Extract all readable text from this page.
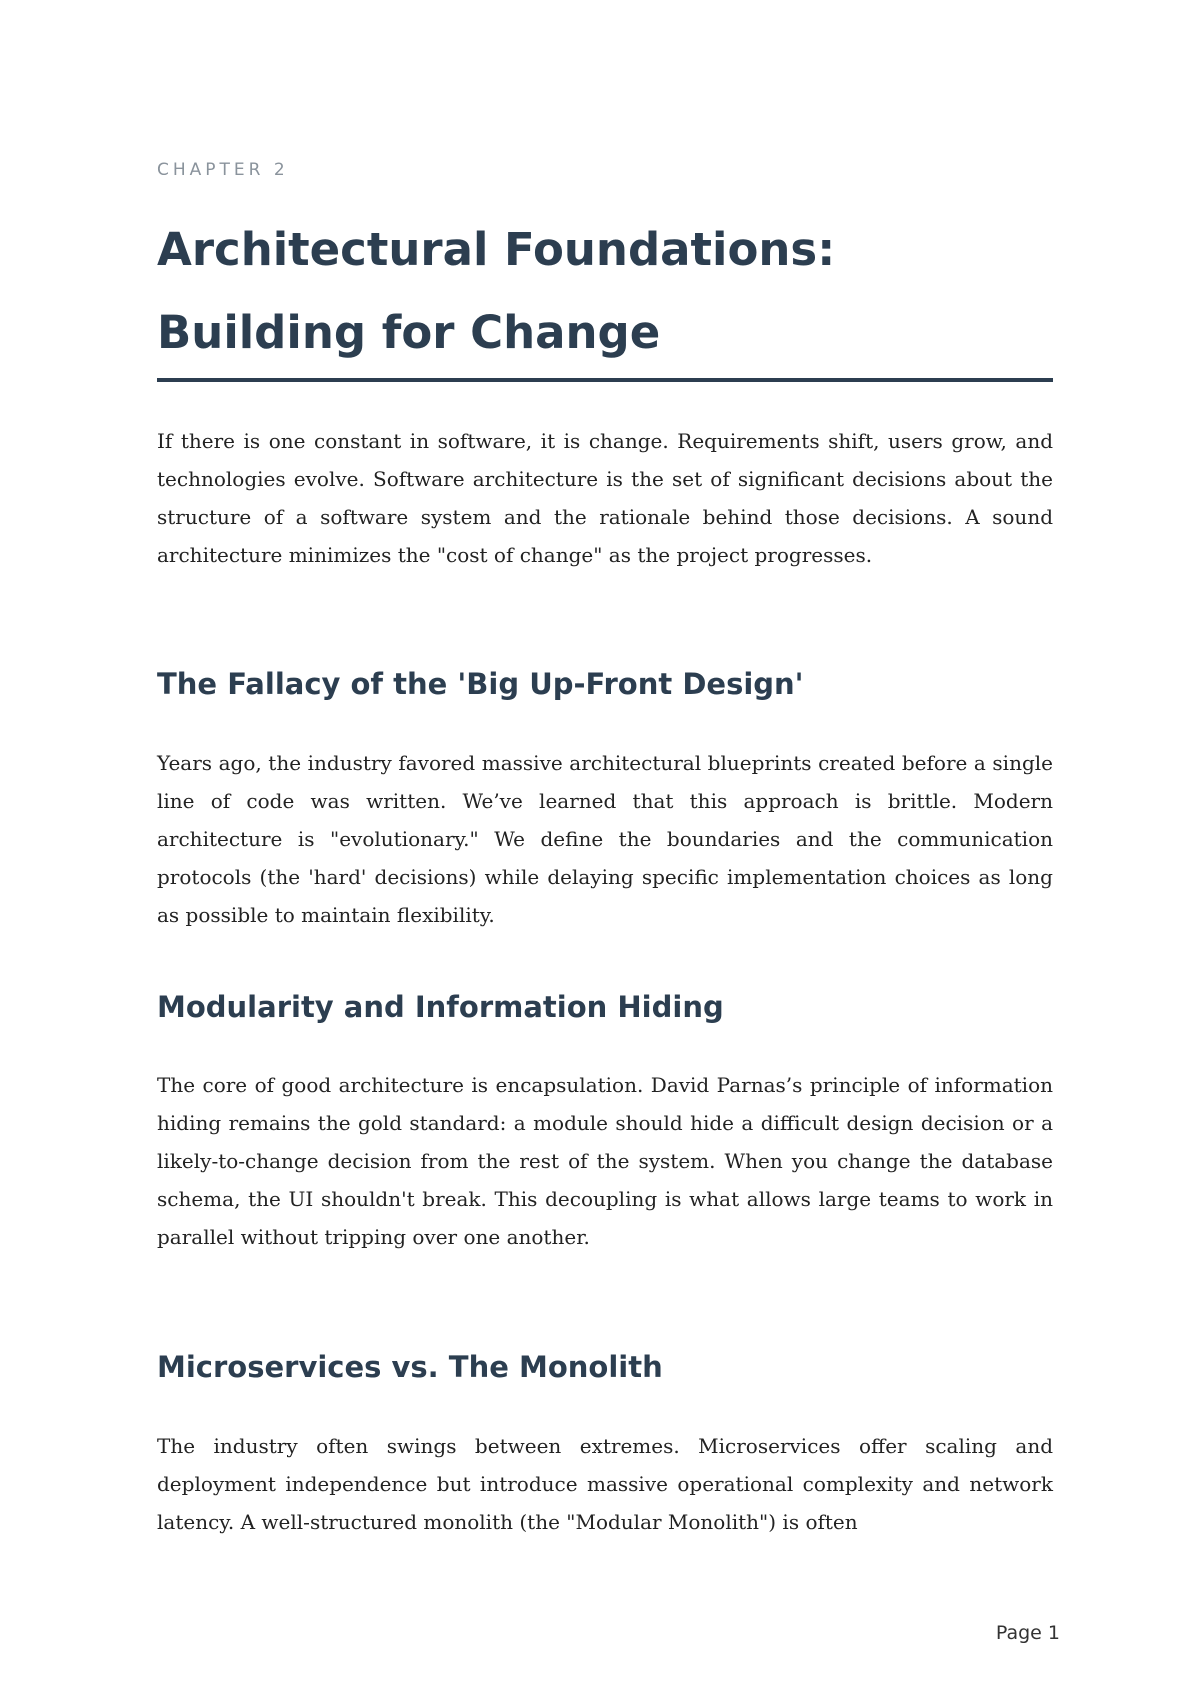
CHAPTER 2
Architectural Foundations: Building for Change

If there is one constant in software, it is change. Requirements shift, users grow, and technologies evolve. Software architecture is the set of significant decisions about the structure of a software system and the rationale behind those decisions. A sound architecture minimizes the "cost of change" as the project progresses.

The Fallacy of the 'Big Up-Front Design'

Years ago, the industry favored massive architectural blueprints created before a single line of code was written. We’ve learned that this approach is brittle. Modern architecture is "evolutionary." We define the boundaries and the communication protocols (the 'hard' decisions) while delaying specific implementation choices as long as possible to maintain flexibility.

Modularity and Information Hiding

The core of good architecture is encapsulation. David Parnas’s principle of information hiding remains the gold standard: a module should hide a difficult design decision or a likely-to-change decision from the rest of the system. When you change the database schema, the UI shouldn't break. This decoupling is what allows large teams to work in parallel without tripping over one another.

Microservices vs. The Monolith

The industry often swings between extremes. Microservices offer scaling and deployment independence but introduce massive operational complexity and network latency. A well-structured monolith (the "Modular Monolith") is often

Page 1
